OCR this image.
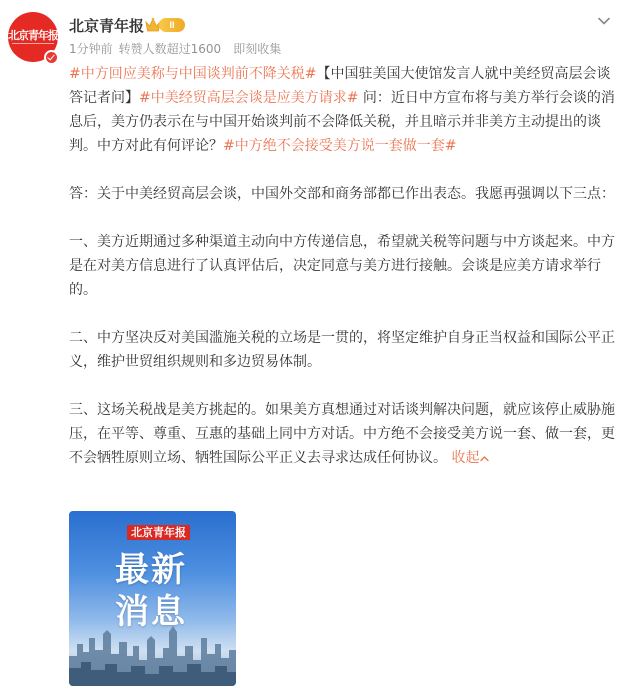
北京青年报
北京青年报	II
1分钟前 转赞人数超过1600 即刻收集

#中方回应美称与中国谈判前不降关税#【中国驻美国大使馆发言人就中美经贸高层会谈答记者问】#中美经贸高层会谈是应美方请求# 问：近日中方宣布将与美方举行会谈的消息后，美方仍表示在与中国开始谈判前不会降低关税，并且暗示并非美方主动提出的谈判。中方对此有何评论？#中方绝不会接受美方说一套做一套#

答：关于中美经贸高层会谈，中国外交部和商务部都已作出表态。我愿再强调以下三点：

一、美方近期通过多种渠道主动向中方传递信息，希望就关税等问题与中方谈起来。中方是在对美方信息进行了认真评估后，决定同意与美方进行接触。会谈是应美方请求举行的。

二、中方坚决反对美国滥施关税的立场是一贯的，将坚定维护自身正当权益和国际公平正义，维护世贸组织规则和多边贸易体制。

三、这场关税战是美方挑起的。如果美方真想通过对话谈判解决问题，就应该停止威胁施压，在平等、尊重、互惠的基础上同中方对话。中方绝不会接受美方说一套、做一套，更不会牺牲原则立场、牺牲国际公平正义去寻求达成任何协议。 收起

北京青年报
最新
消息
